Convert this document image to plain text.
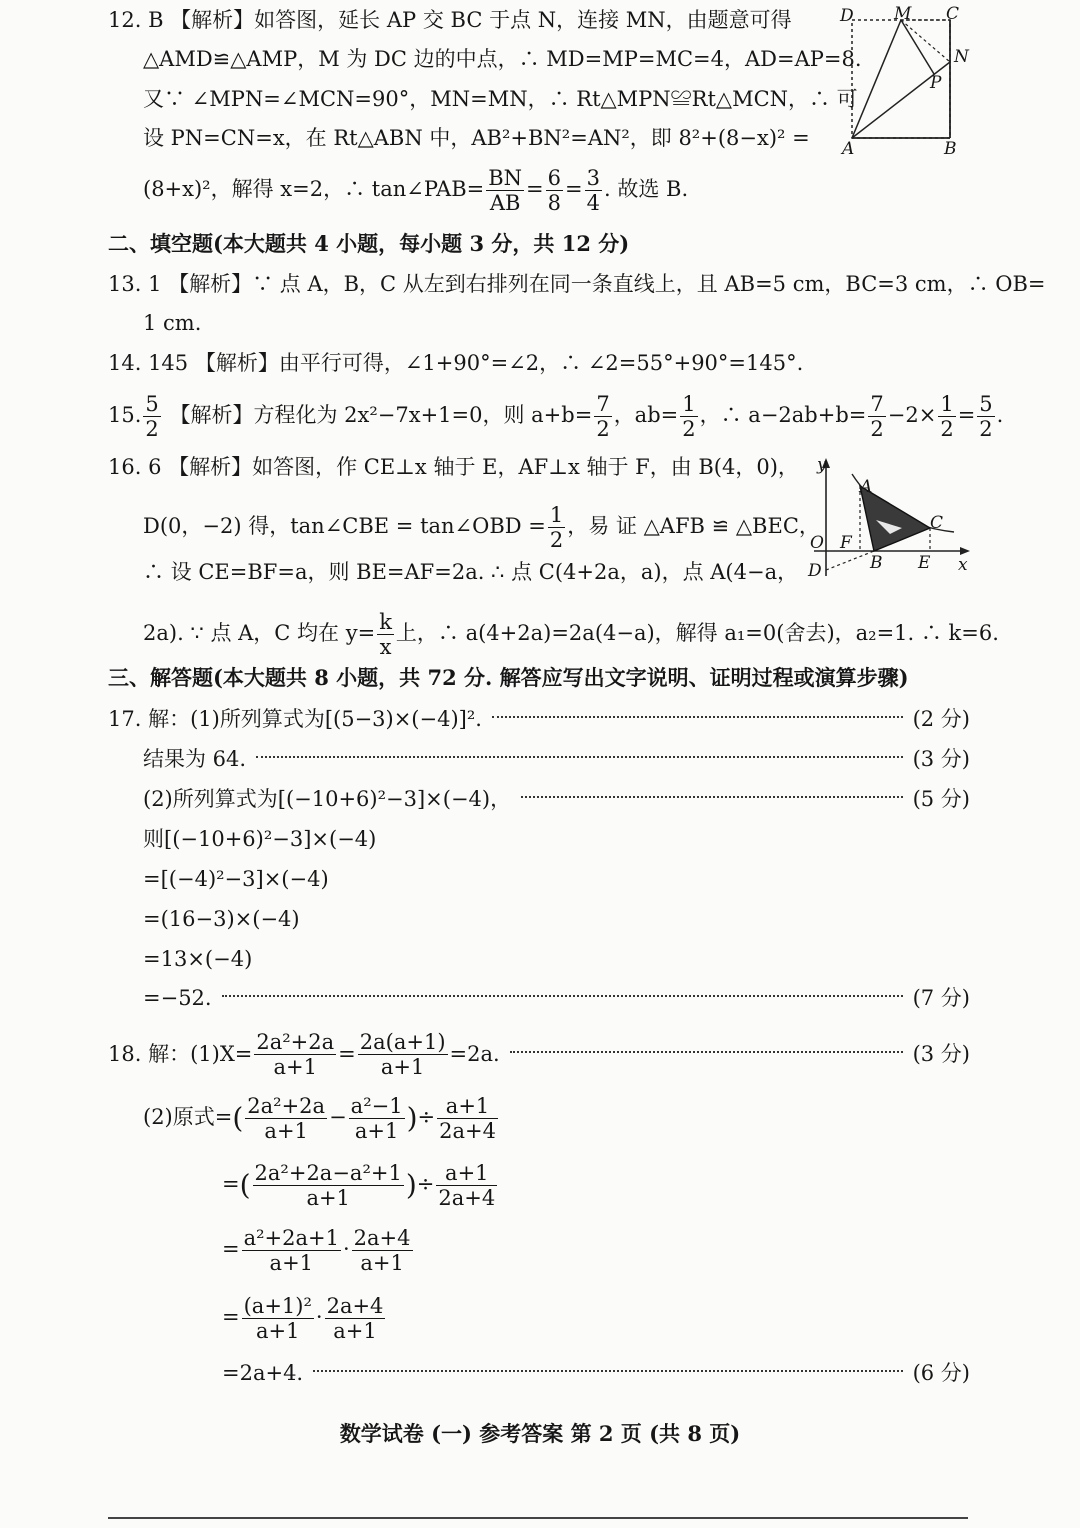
12. B 【解析】如答图，延长 AP 交 BC 于点 N，连接 MN，由题意可得
△AMD≌△AMP，M 为 DC 边的中点，∴ MD=MP=MC=4，AD=AP=8.
又∵ ∠MPN=∠MCN=90°，MN=MN，∴ Rt△MPN≌Rt△MCN，∴ 可
设 PN=CN=x，在 Rt△ABN 中，AB²+BN²=AN²，即 8²+(8−x)² =
(8+x)²，解得 x=2，∴ tan∠PAB= $\frac{BN}{AB} = \frac{6}{8} = \frac{3}{4}$ . 故选 B.
D M C
N
P
A	B
二、填空题(本大题共 4 小题，每小题 3 分，共 12 分)
13. 1 【解析】∵ 点 A，B，C 从左到右排列在同一条直线上，且 AB=5 cm，BC=3 cm，∴ OB=
1 cm.
14. 145 【解析】由平行可得，∠1+90°=∠2，∴ ∠2=55°+90°=145°.
15. $\frac{5}{2}$ 【解析】方程化为 2x²−7x+1=0，则 $a+b= \frac{7}{2}$ ，$ab= \frac{1}{2}$ ，∴ $a-2ab+b= \frac{7}{2} -2\times \frac{1}{2} = \frac{5}{2}$ .
16. 6 【解析】如答图，作 CE⊥x 轴于 E，AF⊥x 轴于 F，由 B(4，0)，
D(0，−2) 得，tan∠CBE = tan∠OBD = $\frac{1}{2}$ ，易 证 △AFB ≌ △BEC，
∴ 设 CE=BF=a，则 BE=AF=2a. ∴ 点 C(4+2a，a)，点 A(4−a，
2a). ∵ 点 A，C 均在 $y= \frac{k}{x}$ 上，∴ a(4+2a)=2a(4−a)，解得 a₁=0(舍去)，a₂=1. ∴ k=6.
y
A
C
O F
B E x
D
三、解答题(本大题共 8 小题，共 72 分. 解答应写出文字说明、证明过程或演算步骤)
17. 解：(1)所列算式为[(5−3)×(−4)]².	(2 分)
结果为 64.	(3 分)
(2)所列算式为[(−10+6)²−3]×(−4)，	(5 分)
则[(−10+6)²−3]×(−4)
=[(−4)²−3]×(−4)
=(16−3)×(−4)
=13×(−4)
=−52.	(7 分)
18. 解：$(1)X= \frac{\text{2a²+2a}}{a+1} = \frac{2a(a+1)}{a+1} =2a$.	(3 分)
(2)原式=( $\frac{\text{2a²+2a}}{a+1} - \frac{\text{a²−1}}{a+1}$ )÷ $\frac{a+1}{2a+4}$
=( $\frac{\text{2a²+2a−a²+1}}{a+1}$ )÷ $\frac{a+1}{2a+4}$
= $\frac{\text{a²+2a+1}}{a+1} \cdot \frac{2a+4}{a+1}$
= $\frac{\text{(a+1)²}}{a+1} \cdot \frac{2a+4}{a+1}$
=2a+4.	(6 分)
数学试卷 (一) 参考答案 第 2 页 (共 8 页)
